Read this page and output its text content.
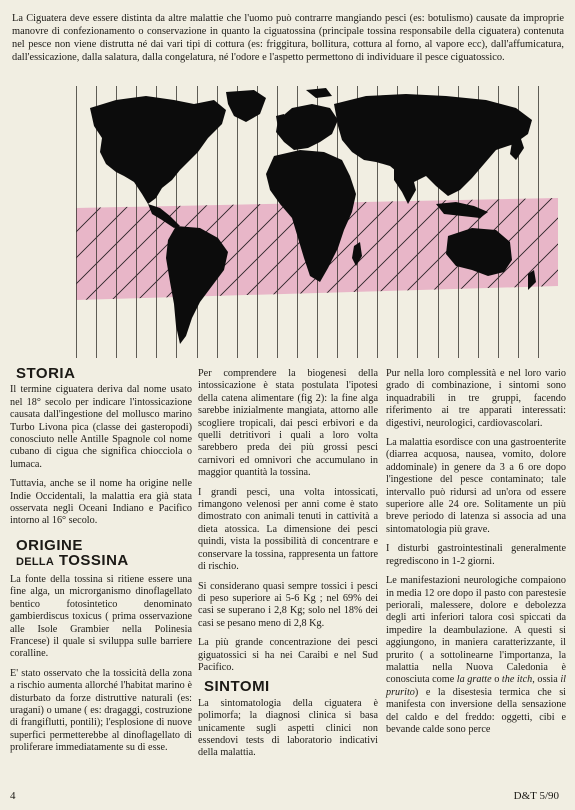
La Ciguatera deve essere distinta da altre malattie che l'uomo può contrarre mangiando pesci (es: botulismo) causate da improprie manovre di confezionamento o conservazione in quanto la ciguatossina (principale tossina responsabile della ciguatera) contenuta nel pesce non viene distrutta né dai vari tipi di cottura (es: friggitura, bollitura, cottura al forno, al vapore ecc), dall'affumicatura, dall'essicazione, dalla salatura, dalla congelatura, né l'odore e l'aspetto permettono di individuare il pesce ciguatossico.
STORIA

Il termine ciguatera deriva dal nome usato nel 18° secolo per indicare l'intossicazione causata dall'ingestione del mollusco marino Turbo Livona pica (classe dei gasteropodi) conosciuto nelle Antille Spagnole col nome cubano di cigua che significa chiocciola o lumaca.

Tuttavia, anche se il nome ha origine nelle Indie Occidentali, la malattia era già stata osservata negli Oceani Indiano e Pacifico intorno al 16° secolo.

ORIGINE
DELLA TOSSINA

La fonte della tossina si ritiene essere una fine alga, un microrganismo dinoflagellato bentico fotosintetico denominato gambierdiscus toxicus ( prima osservazione alle Isole Grambier nella Polinesia Francese) il quale si sviluppa sulle barriere coralline.

E' stato osservato che la tossicità della zona a rischio aumenta allorché l'habitat marino è disturbato da forze distruttive naturali (es: uragani) o umane ( es: dragaggi, costruzione di frangiflutti, pontili); l'esplosione di nuove superfici permetterebbe al dinoflagellato di proliferare immediatamente su di esse.

Per comprendere la biogenesi della intossicazione è stata postulata l'ipotesi della catena alimentare (fig 2): la fine alga sarebbe inizialmente mangiata, attorno alle scogliere tropicali, dai pesci erbivori e da quelli detritivori i quali a loro volta sarebbero preda dei più grossi pesci carnivori ed omnivori che accumulano in maggior quantità la tossina.

I grandi pesci, una volta intossicati, rimangono velenosi per anni come è stato dimostrato con animali tenuti in cattività a dieta atossica. La dimensione dei pesci quindi, vista la possibilità di concentrare e conservare la tossina, rappresenta un fattore di rischio.

Si considerano quasi sempre tossici i pesci di peso superiore ai 5-6 Kg ; nel 69% dei casi se superano i 2,8 Kg; solo nel 18% dei casi se pesano meno di 2,8 Kg.

La più grande concentrazione dei pesci giguatossici si ha nei Caraibi e nel Sud Pacifico.

SINTOMI

La sintomatologia della ciguatera è polimorfa; la diagnosi clinica si basa unicamente sugli aspetti clinici non essendovi tests di laboratorio indicativi della malattia.

Pur nella loro complessità e nel loro vario grado di combinazione, i sintomi sono inquadrabili in tre gruppi, facendo riferimento ai tre apparati interessati: digestivi, neurologici, cardiovascolari.

La malattia esordisce con una gastroenterite (diarrea acquosa, nausea, vomito, dolore addominale) in genere da 3 a 6 ore dopo l'ingestione del pesce contaminato; tale intervallo può ridursi ad un'ora od essere superiore alle 24 ore. Solitamente un più breve periodo di latenza si associa ad una sintomatologia più grave.

I disturbi gastrointestinali generalmente regrediscono in 1-2 giorni.

Le manifestazioni neurologiche compaiono in media 12 ore dopo il pasto con parestesie periorali, malessere, dolore e debolezza degli arti inferiori talora così spiccati da impedire la deambulazione. A questi si aggiungono, in maniera caratterizzante, il prurito ( a sottolinearne l'importanza, la malattia nella Nuova Caledonia è conosciuta come la gratte o the itch, ossia il prurito) e la disestesia termica che si manifesta con inversione della sensazione del caldo e del freddo: oggetti, cibi e bevande calde sono perce

4	D&T 5/90
